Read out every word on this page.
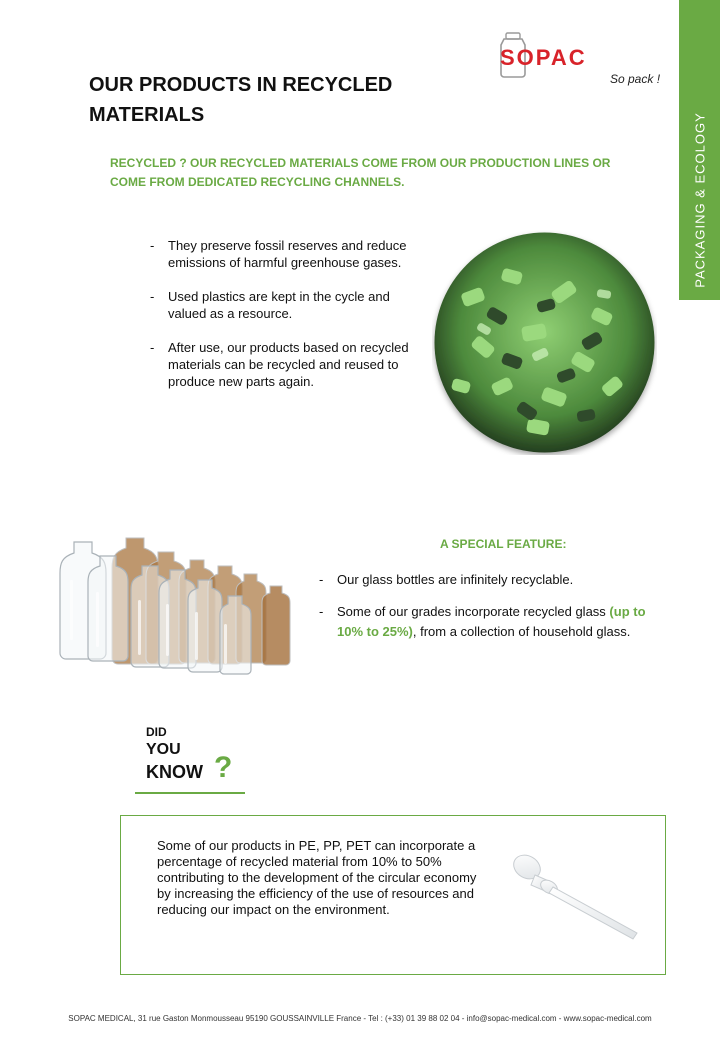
PACKAGING & ECOLOGY
SOPAC
So pack !
OUR PRODUCTS IN RECYCLED MATERIALS
RECYCLED ? OUR RECYCLED MATERIALS COME FROM OUR PRODUCTION LINES OR COME FROM DEDICATED RECYCLING CHANNELS.
- They preserve fossil reserves and reduce emissions of harmful greenhouse gases.
- Used plastics are kept in the cycle and valued as a resource.
- After use, our products based on recycled materials can be recycled and reused to produce new parts again.
A SPECIAL FEATURE:
- Our glass bottles are infinitely recyclable.
- Some of our grades incorporate recycled glass (up to 10% to 25%), from a collection of household glass.
DID
YOU
KNOW ?
Some of our products in PE, PP, PET can incorporate a percentage of recycled material from 10% to 50% contributing to the development of the circular economy by increasing the efficiency of the use of resources and reducing our impact on the environment.
SOPAC MEDICAL, 31 rue Gaston Monmousseau 95190 GOUSSAINVILLE France - Tel : (+33) 01 39 88 02 04 - info@sopac-medical.com - www.sopac-medical.com
